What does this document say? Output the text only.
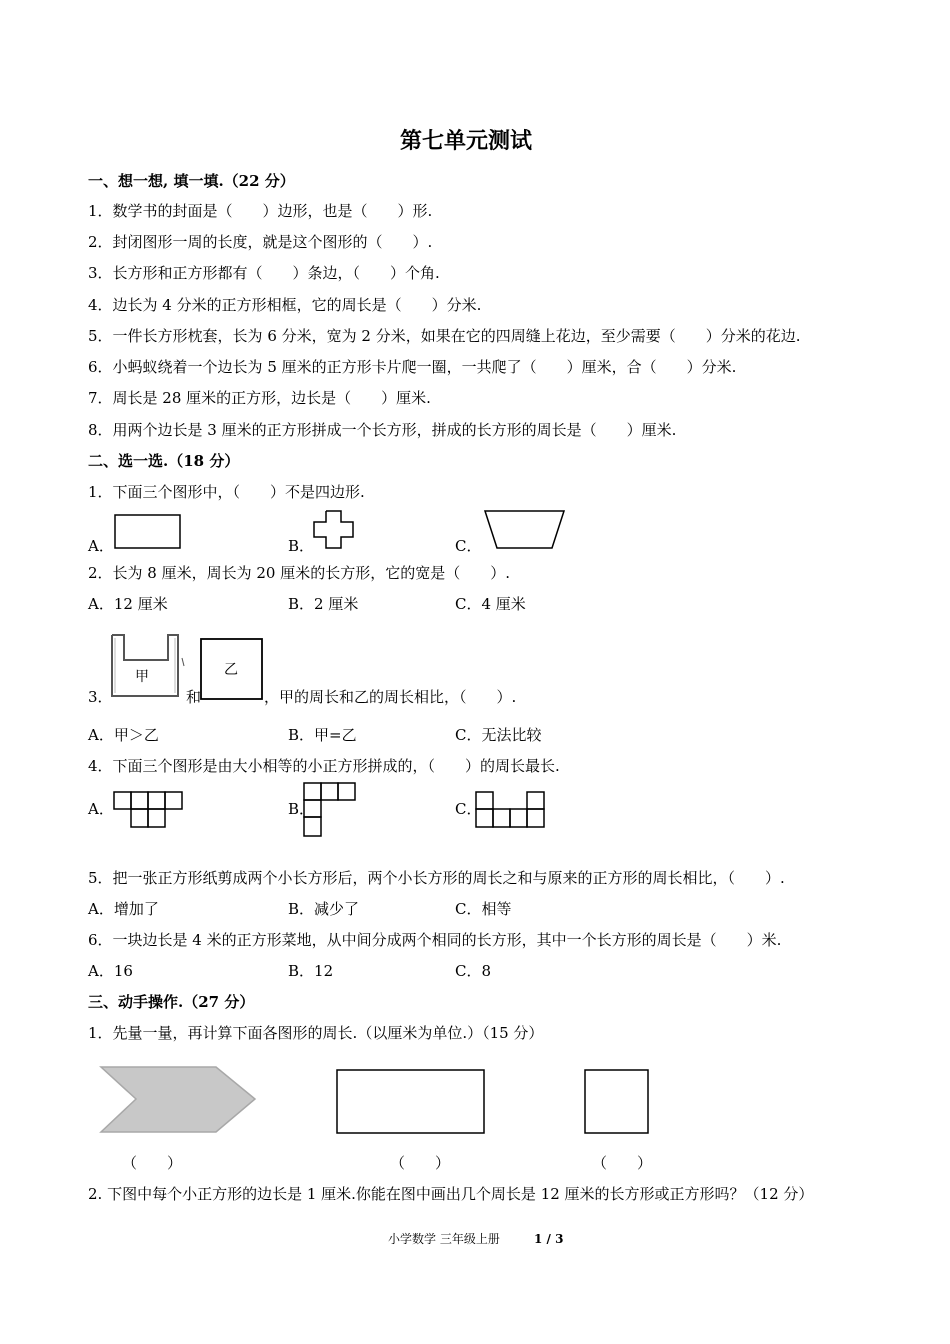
第七单元测试
一、想一想, 填一填.（22 分）
1．数学书的封面是（　　）边形，也是（　　）形.
2．封闭图形一周的长度，就是这个图形的（　　）.
3．长方形和正方形都有（　　）条边，（　　）个角.
4．边长为 4 分米的正方形相框，它的周长是（　　）分米.
5．一件长方形枕套，长为 6 分米，宽为 2 分米，如果在它的四周缝上花边，至少需要（　　）分米的花边.
6．小蚂蚁绕着一个边长为 5 厘米的正方形卡片爬一圈，一共爬了（　　）厘米，合（　　）分米.
7．周长是 28 厘米的正方形，边长是（　　）厘米.
8．用两个边长是 3 厘米的正方形拼成一个长方形，拼成的长方形的周长是（　　）厘米.
二、选一选.（18 分）
1．下面三个图形中，（　　）不是四边形.
A．	B．	C．
2．长为 8 厘米，周长为 20 厘米的长方形，它的宽是（　　）.
A．12 厘米	B．2 厘米	C．4 厘米
3．
甲
和
乙
，甲的周长和乙的周长相比，（　　）.
A．甲＞乙	B．甲=乙	C．无法比较
4．下面三个图形是由大小相等的小正方形拼成的，（　　）的周长最长.
A．	B．	C．
5．把一张正方形纸剪成两个小长方形后，两个小长方形的周长之和与原来的正方形的周长相比，（　　）.
A．增加了	B．减少了	C．相等
6．一块边长是 4 米的正方形菜地，从中间分成两个相同的长方形，其中一个长方形的周长是（　　）米.
A．16	B．12	C．8
三、动手操作.（27 分）
1．先量一量，再计算下面各图形的周长.（以厘米为单位.）（15 分）
（　　）	（　　）	（　　）
2. 下图中每个小正方形的边长是 1 厘米.你能在图中画出几个周长是 12 厘米的长方形或正方形吗？（12 分）
小学数学 三年级上册	1 / 3
